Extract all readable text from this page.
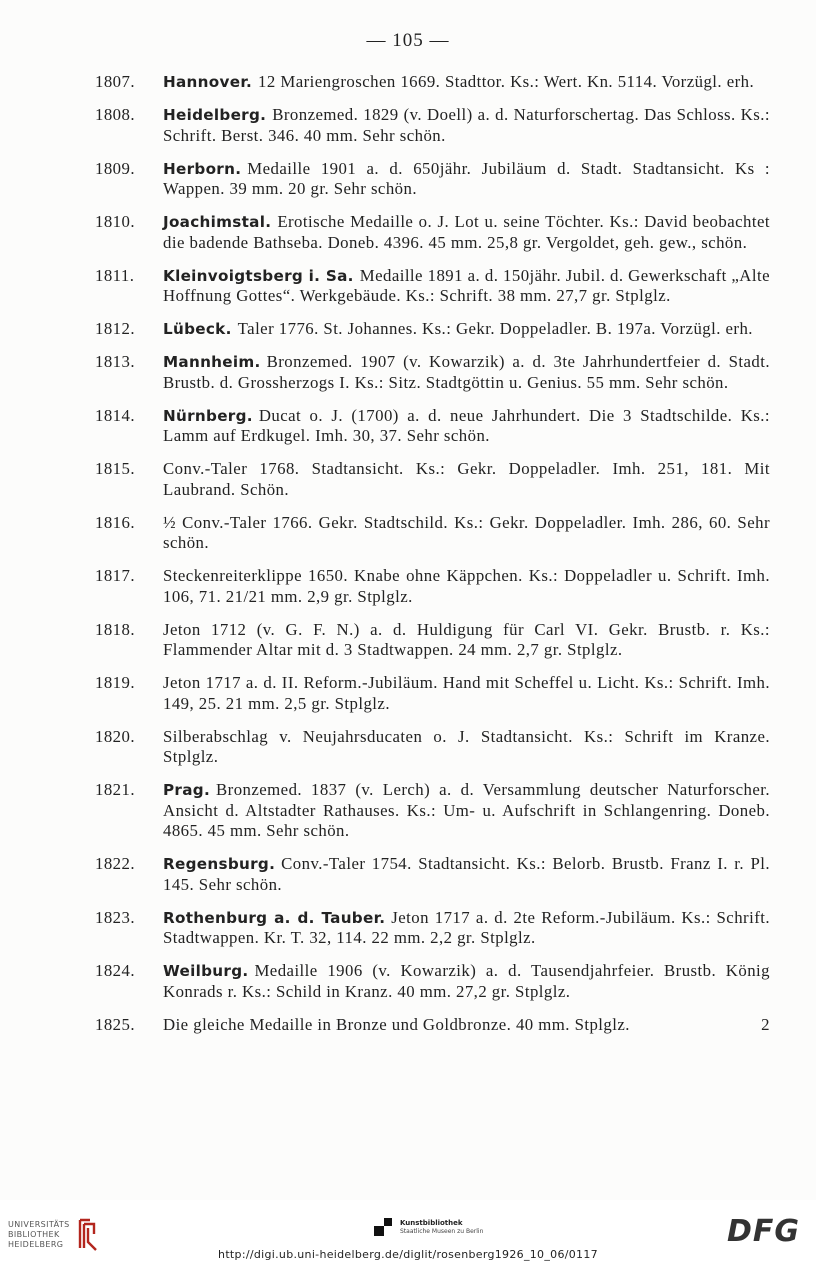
— 105 —
1807. Hannover. 12 Mariengroschen 1669. Stadttor. Ks.: Wert. Kn. 5114. Vorzügl. erh.
1808. Heidelberg. Bronzemed. 1829 (v. Doell) a. d. Naturforschertag. Das Schloss. Ks.: Schrift. Berst. 346. 40 mm. Sehr schön.
1809. Herborn. Medaille 1901 a. d. 650jähr. Jubiläum d. Stadt. Stadtansicht. Ks : Wappen. 39 mm. 20 gr. Sehr schön.
1810. Joachimstal. Erotische Medaille o. J. Lot u. seine Töchter. Ks.: David beobachtet die badende Bathseba. Doneb. 4396. 45 mm. 25,8 gr. Vergoldet, geh. gew., schön.
1811. Kleinvoigtsberg i. Sa. Medaille 1891 a. d. 150jähr. Jubil. d. Gewerkschaft „Alte Hoffnung Gottes“. Werkgebäude. Ks.: Schrift. 38 mm. 27,7 gr. Stplglz.
1812. Lübeck. Taler 1776. St. Johannes. Ks.: Gekr. Doppeladler. B. 197a. Vorzügl. erh.
1813. Mannheim. Bronzemed. 1907 (v. Kowarzik) a. d. 3te Jahrhundertfeier d. Stadt. Brustb. d. Grossherzogs I. Ks.: Sitz. Stadtgöttin u. Genius. 55 mm. Sehr schön.
1814. Nürnberg. Ducat o. J. (1700) a. d. neue Jahrhundert. Die 3 Stadtschilde. Ks.: Lamm auf Erdkugel. Imh. 30, 37. Sehr schön.
1815. Conv.-Taler 1768. Stadtansicht. Ks.: Gekr. Doppeladler. Imh. 251, 181. Mit Laubrand. Schön.
1816. ½ Conv.-Taler 1766. Gekr. Stadtschild. Ks.: Gekr. Doppeladler. Imh. 286, 60. Sehr schön.
1817. Steckenreiterklippe 1650. Knabe ohne Käppchen. Ks.: Doppeladler u. Schrift. Imh. 106, 71. 21/21 mm. 2,9 gr. Stplglz.
1818. Jeton 1712 (v. G. F. N.) a. d. Huldigung für Carl VI. Gekr. Brustb. r. Ks.: Flammender Altar mit d. 3 Stadtwappen. 24 mm. 2,7 gr. Stplglz.
1819. Jeton 1717 a. d. II. Reform.-Jubiläum. Hand mit Scheffel u. Licht. Ks.: Schrift. Imh. 149, 25. 21 mm. 2,5 gr. Stplglz.
1820. Silberabschlag v. Neujahrsducaten o. J. Stadtansicht. Ks.: Schrift im Kranze. Stplglz.
1821. Prag. Bronzemed. 1837 (v. Lerch) a. d. Versammlung deutscher Naturforscher. Ansicht d. Altstadter Rathauses. Ks.: Um- u. Aufschrift in Schlangenring. Doneb. 4865. 45 mm. Sehr schön.
1822. Regensburg. Conv.-Taler 1754. Stadtansicht. Ks.: Belorb. Brustb. Franz I. r. Pl. 145. Sehr schön.
1823. Rothenburg a. d. Tauber. Jeton 1717 a. d. 2te Reform.-Jubiläum. Ks.: Schrift. Stadtwappen. Kr. T. 32, 114. 22 mm. 2,2 gr. Stplglz.
1824. Weilburg. Medaille 1906 (v. Kowarzik) a. d. Tausendjahrfeier. Brustb. König Konrads r. Ks.: Schild in Kranz. 40 mm. 27,2 gr. Stplglz.
1825. Die gleiche Medaille in Bronze und Goldbronze. 40 mm. Stplglz.	2
UNIVERSITÄTS
BIBLIOTHEK
HEIDELBERG
Kunstbibliothek
Staatliche Museen zu Berlin	DFG
http://digi.ub.uni-heidelberg.de/diglit/rosenberg1926_10_06/0117
